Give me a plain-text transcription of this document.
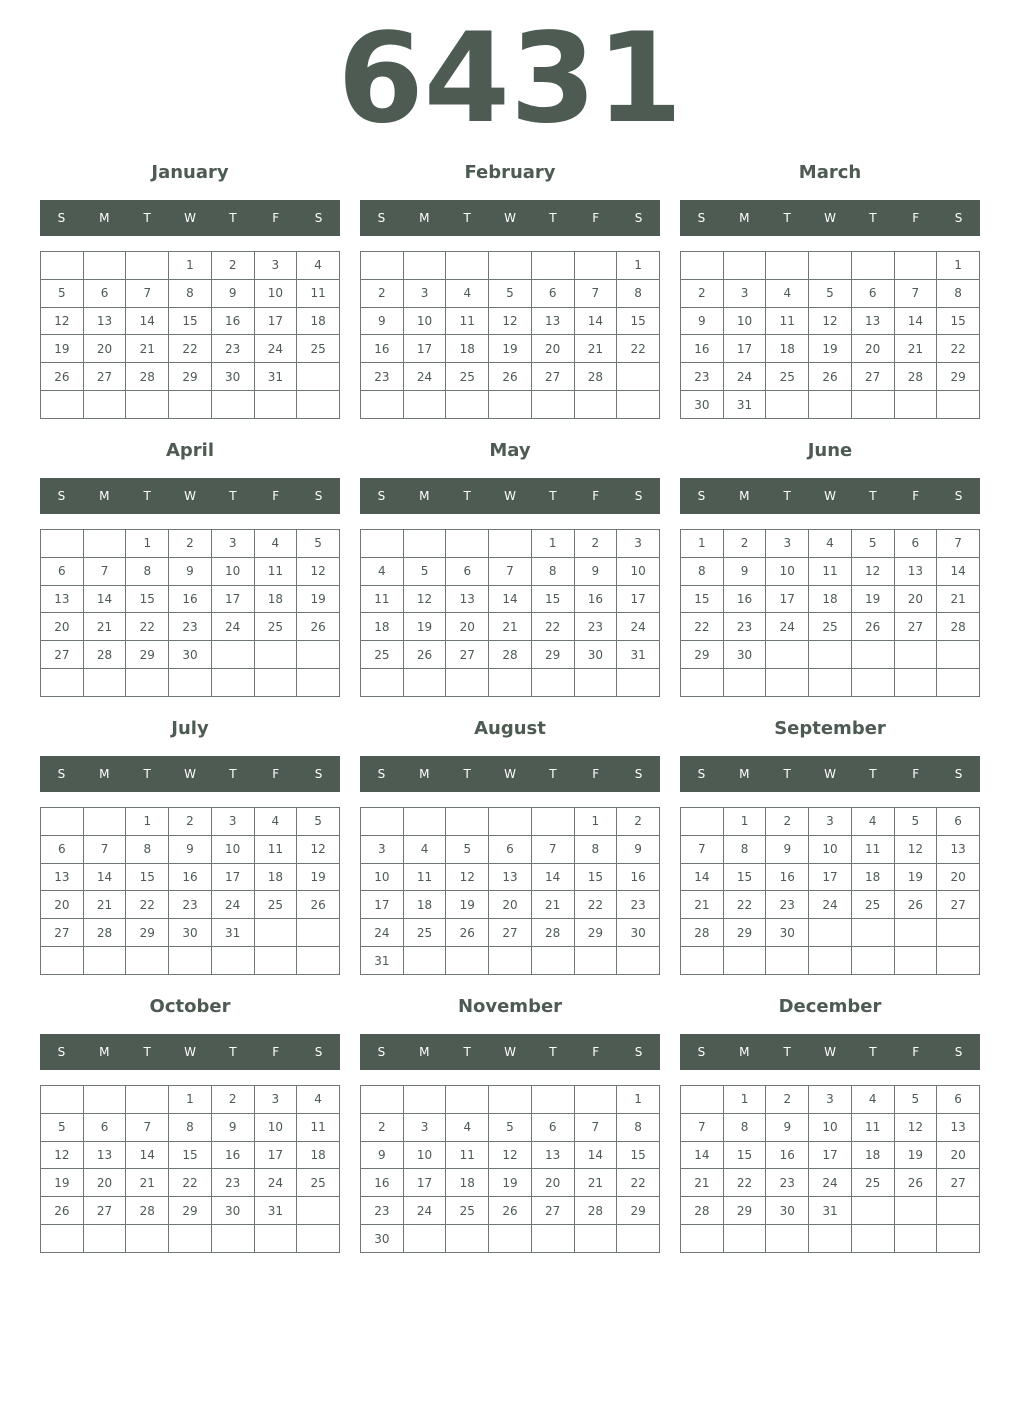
6431
January
S	M	T	W	T	F	S
			1	2	3	4
5	6	7	8	9	10	11
12	13	14	15	16	17	18
19	20	21	22	23	24	25
26	27	28	29	30	31	

February
S	M	T	W	T	F	S
						1
2	3	4	5	6	7	8
9	10	11	12	13	14	15
16	17	18	19	20	21	22
23	24	25	26	27	28	

March
S	M	T	W	T	F	S
						1
2	3	4	5	6	7	8
9	10	11	12	13	14	15
16	17	18	19	20	21	22
23	24	25	26	27	28	29
30	31					
April
S	M	T	W	T	F	S
		1	2	3	4	5
6	7	8	9	10	11	12
13	14	15	16	17	18	19
20	21	22	23	24	25	26
27	28	29	30			

May
S	M	T	W	T	F	S
				1	2	3
4	5	6	7	8	9	10
11	12	13	14	15	16	17
18	19	20	21	22	23	24
25	26	27	28	29	30	31

June
S	M	T	W	T	F	S
1	2	3	4	5	6	7
8	9	10	11	12	13	14
15	16	17	18	19	20	21
22	23	24	25	26	27	28
29	30					

July
S	M	T	W	T	F	S
		1	2	3	4	5
6	7	8	9	10	11	12
13	14	15	16	17	18	19
20	21	22	23	24	25	26
27	28	29	30	31		

August
S	M	T	W	T	F	S
					1	2
3	4	5	6	7	8	9
10	11	12	13	14	15	16
17	18	19	20	21	22	23
24	25	26	27	28	29	30
31						
September
S	M	T	W	T	F	S
	1	2	3	4	5	6
7	8	9	10	11	12	13
14	15	16	17	18	19	20
21	22	23	24	25	26	27
28	29	30				

October
S	M	T	W	T	F	S
			1	2	3	4
5	6	7	8	9	10	11
12	13	14	15	16	17	18
19	20	21	22	23	24	25
26	27	28	29	30	31	

November
S	M	T	W	T	F	S
						1
2	3	4	5	6	7	8
9	10	11	12	13	14	15
16	17	18	19	20	21	22
23	24	25	26	27	28	29
30						
December
S	M	T	W	T	F	S
	1	2	3	4	5	6
7	8	9	10	11	12	13
14	15	16	17	18	19	20
21	22	23	24	25	26	27
28	29	30	31			
